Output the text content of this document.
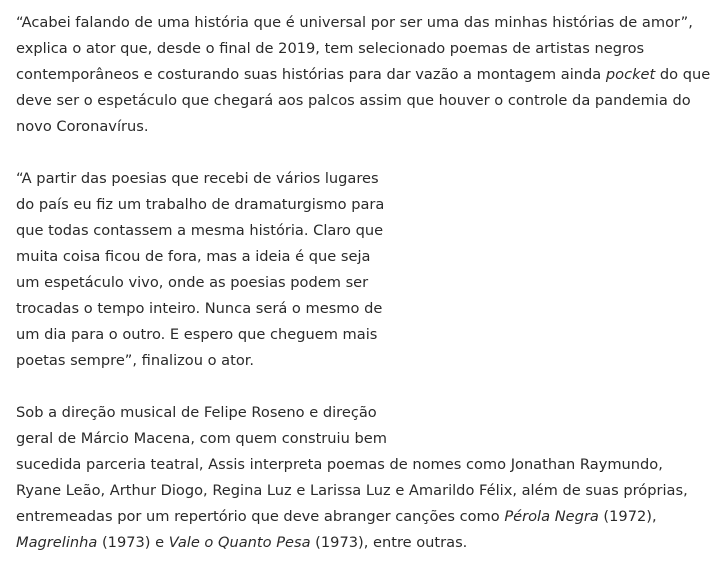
“Acabei falando de uma história que é universal por ser uma das minhas histórias de amor”,
explica o ator que, desde o final de 2019, tem selecionado poemas de artistas negros
contemporâneos e costurando suas histórias para dar vazão a montagem ainda pocket do que
deve ser o espetáculo que chegará aos palcos assim que houver o controle da pandemia do
novo Coronavírus.

“A partir das poesias que recebi de vários lugares
do país eu fiz um trabalho de dramaturgismo para
que todas contassem a mesma história. Claro que
muita coisa ficou de fora, mas a ideia é que seja
um espetáculo vivo, onde as poesias podem ser
trocadas o tempo inteiro. Nunca será o mesmo de
um dia para o outro. E espero que cheguem mais
poetas sempre”, finalizou o ator.

Sob a direção musical de Felipe Roseno e direção
geral de Márcio Macena, com quem construiu bem
sucedida parceria teatral, Assis interpreta poemas de nomes como Jonathan Raymundo,
Ryane Leão, Arthur Diogo, Regina Luz e Larissa Luz e Amarildo Félix, além de suas próprias,
entremeadas por um repertório que deve abranger canções como Pérola Negra (1972),
Magrelinha (1973) e Vale o Quanto Pesa (1973), entre outras.
